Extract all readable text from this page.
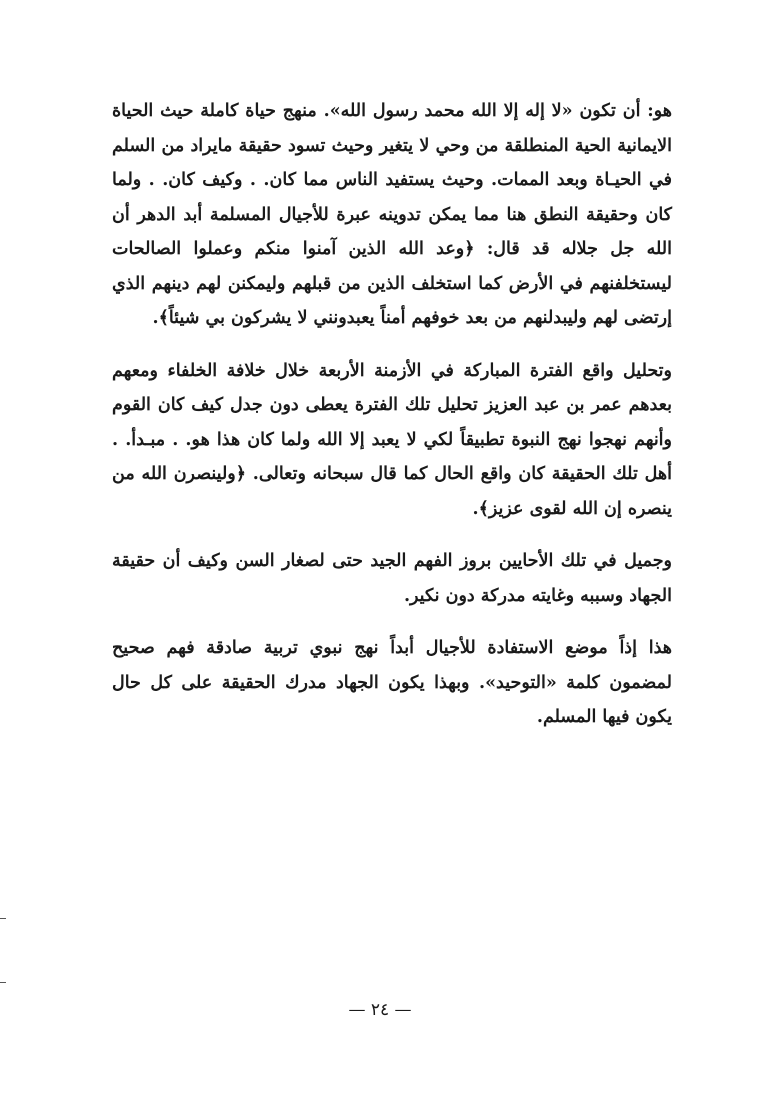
هو: أن تكون «لا إله إلا الله محمد رسول الله». منهج حياة كاملة حيث الحياة الايمانية الحية المنطلقة من وحي لا يتغير وحيث تسود حقيقة مايراد من السلم في الحيـاة وبعد الممات. وحيث يستفيد الناس مما كان. . وكيف كان. . ولما كان وحقيقة النطق هنا مما يمكن تدوينه عبرة للأجيال المسلمة أبد الدهر أن الله جل جلاله قد قال: ﴿وعد الله الذين آمنوا منكم وعملوا الصالحات ليستخلفنهم في الأرض كما استخلف الذين من قبلهم وليمكنن لهم دينهم الذي إرتضى لهم وليبدلنهم من بعد خوفهم أمناً يعبدونني لا يشركون بي شيئاً﴾.

وتحليل واقع الفترة المباركة في الأزمنة الأربعة خلال خلافة الخلفاء ومعهم بعدهم عمر بن عبد العزيز تحليل تلك الفترة يعطى دون جدل كيف كان القوم وأنهم نهجوا نهج النبوة تطبيقاً لكي لا يعبد إلا الله ولما كان هذا هو. . مبـدأ. . أهل تلك الحقيقة كان واقع الحال كما قال سبحانه وتعالى. ﴿ولينصرن الله من ينصره إن الله لقوى عزيز﴾.

وجميل في تلك الأحايين بروز الفهم الجيد حتى لصغار السن وكيف أن حقيقة الجهاد وسببه وغايته مدركة دون نكير.

هذا إذاً موضع الاستفادة للأجيال أبداً نهج نبوي تربية صادقة فهم صحيح لمضمون كلمة «التوحيد». وبهذا يكون الجهاد مدرك الحقيقة على كل حال يكون فيها المسلم.

— ٢٤ —
